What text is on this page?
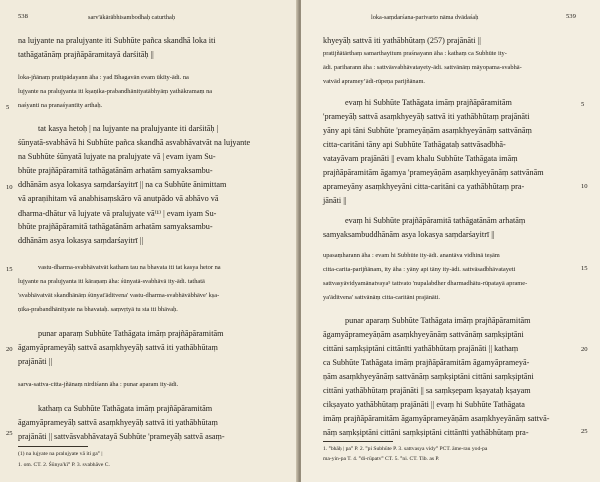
538	sarv'ākārābhisambodhaḥ caturthaḥ
na lujyante na pralujyante iti Subhūte pañca skandhā loka iti
tathāgatānāṃ prajñāpāramitayā darśitāḥ ||
loka-jñānaṃ pratipādayann āha : yad Bhagavān evam ūkīty-ādi. na
lujyante na pralujyanta iti kṣaṇika-prabandhānityatābhyāṃ yathākramaṃ na
naśyanti na pranaśyantīty arthaḥ.
tat kasya hetoḥ | na lujyante na pralujyante iti darśitāḥ |
śūnyatā-svabhāvā hi Subhūte pañca skandhā asvabhāvatvāt na lujyante
na Subhūte śūnyatā lujyate na pralujyate vā | evam iyam Su-
bhūte prajñāpāramitā tathāgatānām arhatām samyaksambu-
ddhānām asya lokasya saṃdarśayitrī || na ca Subhūte ānimittam
vā apraṇihitam vā anabhisaṃskāro vā anutpādo vā abhāvo vā
dharma-dhātur vā lujyate vā pralujyate vā⁽¹⁾ | evam iyam Su-
bhūte prajñāpāramitā tathāgatānām arhatām samyaksambu-
ddhānām asya lokasya saṃdarśayitrī ||
vastu-dharma-svabhāvatvāt katham tau na bhavata iti tat kasya hetor na
lujyante na pralujyanta iti kāraṇaṃ āha: śūnyatā-svabhāvā ity-ādi. tathatā
'svabhāvatvāt skandhānāṃ śūnyat'āditvena' vastu-dharma-svabhāvābhāve' kṣa-
ṇika-prabandhānityate na bhavataḥ. saṃvṛtyā tu sta iti bhāvaḥ.
punar aparaṃ Subhūte Tathāgata imāṃ prajñāpāramitām
āgamyāprameyāḥ sattvā asaṃkhyeyāḥ sattvā iti yathābhūtaṃ
prajānāti ||
sarva-sattva-citta-jñānaṃ nirdiśann āha : punar aparam ity-ādi.
kathaṃ ca Subhūte Tathāgata imāṃ prajñāpāramitām
āgamyāprameyāḥ sattvā asaṃkhyeyāḥ sattvā iti yathābhūtaṃ
prajānāti || sattvāsvabhāvatayā Subhūte 'prameyāḥ sattvā asaṃ-
(1) na lujyate na pralujyate vā iti ga° |
1. om. CT. 2. Śūnya'kī° P. 3. svabhāve C.
5
10
15
20
25
loka-saṃdarśana-parivarto nāma dvādaśaḥ	539
khyeyāḥ sattvā iti yathābhūtaṃ (257) prajānāti ||
pratijñātārthaṃ samarthayitum praśnayann āha : kathaṃ ca Subhūte ity-
ādi. pariharann āha : sattvāsvabhāvatayety-ādi. sattvānāṃ māyopama-svabhā-
vatvād aprameyʼādi-rūpeṇa parijñānam.
evaṃ hi Subhūte Tathāgata imāṃ prajñāpāramitām
'prameyāḥ sattvā asaṃkhyeyāḥ sattvā iti yathābhūtaṃ prajānāti
yāny api tāni Subhūte 'prameyāṇām asaṃkhyeyānāṃ sattvānāṃ
citta-caritāni tāny api Subhūte Tathāgataḥ sattvāsadbhā-
vatayāvam prajānāti || evam khalu Subhūte Tathāgata imāṃ
prajñāpāramitām āgamya 'prameyāṇām asaṃkhyeyānāṃ sattvānām
aprameyāny asaṃkhyeyāni citta-caritāni ca yathābhūtaṃ pra-
jānāti ||
evaṃ hi Subhūte prajñāpāramitā tathāgatānām arhatāṃ
samyaksambuddhānām asya lokasya saṃdarśayitrī ||
upasaṃharann āha : evam hi Subhūte ity-ādi. anantāva vidhinā teṣām
citta-carita-parijñānam, ity āha : yāny api tāny ity-ādi. sattvāsadbhāvatayeti
sattvasyāvidyamānatvaya⁵ tattvato 'nupalabdher dharmadhātu-rūpatayā aprame-
ya'āditvena' sattvānāṃ citta-caritāni prajānāti.
punar aparaṃ Subhūte Tathāgata imāṃ prajñāpāramitām
āgamyāprameyāṇām asaṃkhyeyānāṃ sattvānāṃ saṃkṣiptāni
cittāni saṃkṣiptāni cittānīti yathābhūtaṃ prajānāti || kathaṃ
ca Subhūte Tathāgata imāṃ prajñāpāramitām āgamyāprameyā-
ṇām asaṃkhyeyānāṃ sattvānāṃ saṃkṣiptāni cittāni saṃkṣiptāni
cittāni yathābhūtaṃ prajānāti || sa saṃkṣepam kṣayataḥ kṣayam
cikṣayato yathābhūtaṃ prajānāti || evaṃ hi Subhūte Tathāgata
imāṃ prajñāpāramitām āgamyāprameyāṇām asaṃkhyeyānāṃ sattvā-
nāṃ saṃkṣiptāni cittāni saṃkṣiptāni cittānīti yathābhūtaṃ pra-
1. °bhāḥ | pa° P. 2. °pi Subhūte P. 3. sattvasya vidy° PCT. āme-rau yod-pa
ma-yin-pa T. 4. °di-rūpatv° CT. 5. °ni. CT. Tib. as P.
5
10
15
20
25
